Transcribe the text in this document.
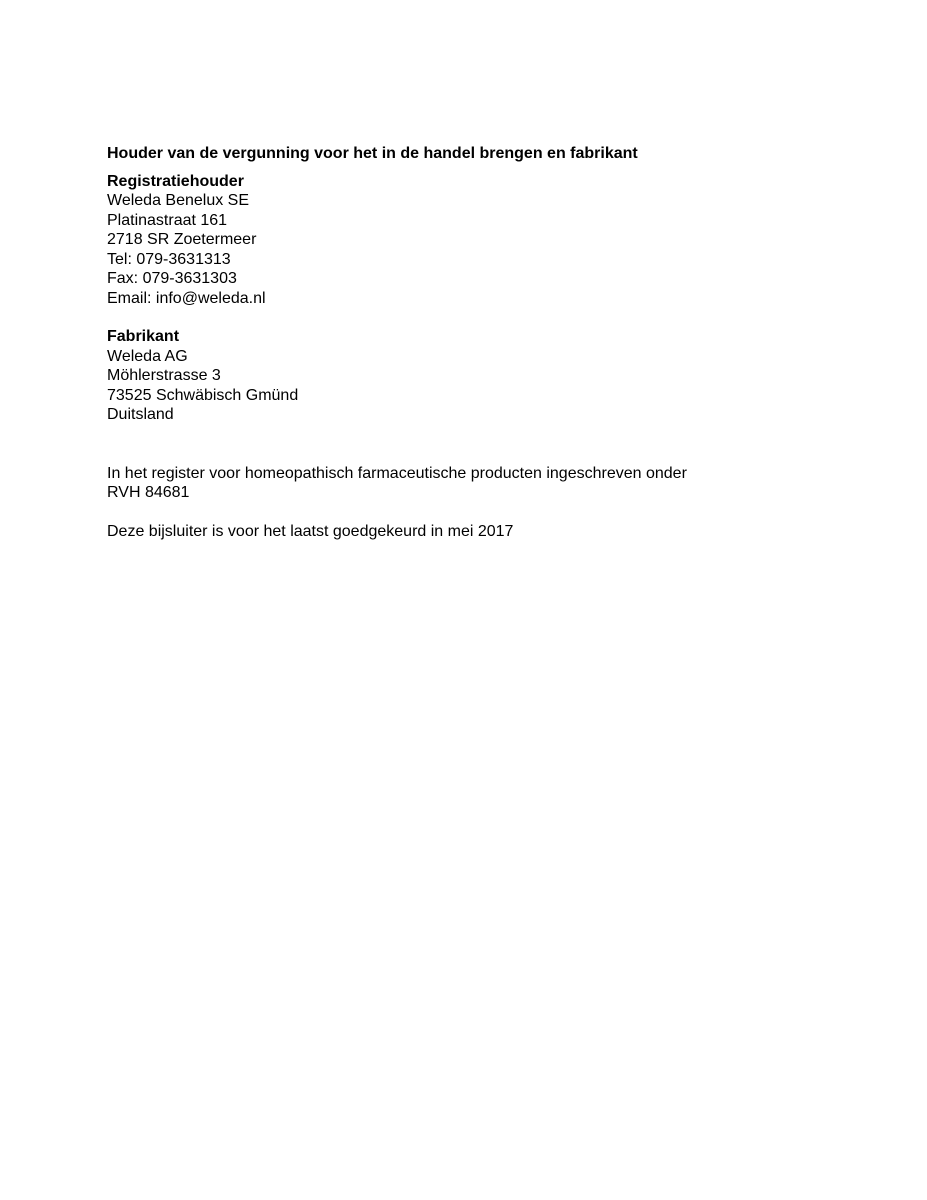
Houder van de vergunning voor het in de handel brengen en fabrikant
Registratiehouder
Weleda Benelux SE
Platinastraat 161
2718 SR Zoetermeer
Tel: 079-3631313
Fax: 079-3631303
Email: info@weleda.nl
Fabrikant
Weleda AG
Möhlerstrasse 3
73525 Schwäbisch Gmünd
Duitsland
In het register voor homeopathisch farmaceutische producten ingeschreven onder
RVH 84681
Deze bijsluiter is voor het laatst goedgekeurd in mei 2017
